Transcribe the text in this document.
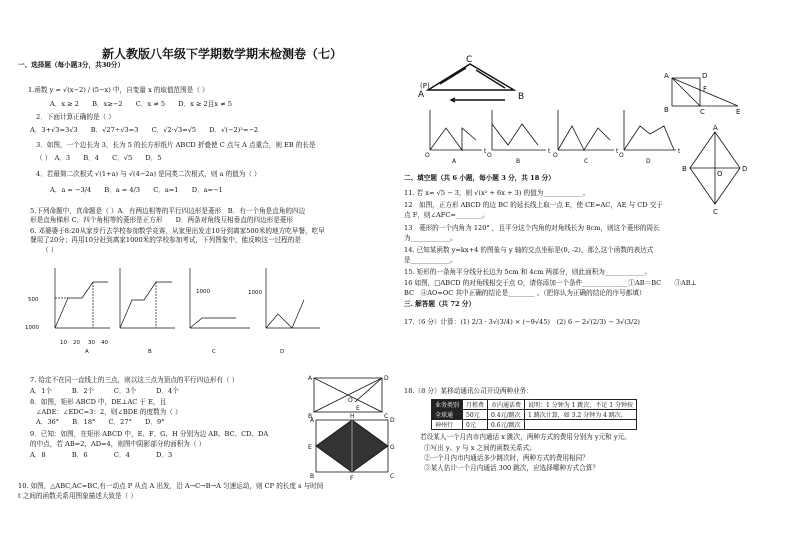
新人教版八年级下学期数学期末检测卷（七）
一、选择题（每小题3分，共30分）
1.函数 y = √(x−2) / (5−x) 中，自变量 x 的取值范围是（ ）
A．x ≥ 2　　B．x≥−2　　C．x ≠ 5　　D．x ≥ 2且x ≠ 5
2．下面计算正确的是（ ）
A．3+√3=3√3　　B．√27÷√3=3　　C．√2·√3=√5　　D．√(−2)²=−2
3．如图，一个边长为 3，长为 5 的长方形纸片 ABCD 折叠使 C 点与 A 点重合，则 EB 的长是
（ ）　A．3　　B．4　　C．√5　　D．5
4．若最简二次根式 √(1+a) 与 √(4−2a) 是同类二次根式，则 a 的值为（ ）
A．a = −3/4　　B．a = 4/3　　C．a=1　　D．a=−1
5.下列命题中，真命题是（ ）A．有两边相等的平行四边形是菱形　B．有一个角是直角的四边
形是直角梯形 C．四个角相等的菱形是正方形　　D．两条对角线互相垂直的四边形是菱形
6. 邓婆婆于8:20从家步行去学校参加数学竞赛，从家里出发走10分到离家500米的地方吃早餐，吃早
餐用了20分；再用10分赶到离家1000米的学校参加考试，下列图象中，能反映这一过程的是
（ ）
500
1000
10 20 30 40
A	B
1000
C
1000
D
7. 给定不在同一直线上的三点，则以这三点为顶点的平行四边形有（ ）
A．1个　　　B．2个　　　C．3个　　　D．4个
8．如图，矩形 ABCD 中，DE⊥AC 于 E，且
∠ADE：∠EDC=3：2，则∠BDE 的度数为（ ）
A．36°　　B．18°　　C．27°　　D．9°
9．已知：如图，在矩形 ABCD 中，E、F、G、H 分别为边 AB、BC、CD、DA
的中点，若 AB=2，AD=4，则图中阴影部分的面积为（ ）
A．8　　　　B．6　　　　C．4　　　　D．3
10. 如图，△ABC,AC=BC,有一动点 P 从点 A 出发，沿 A→C→B→A 匀速运动，则 CP 的长度 s 与时间
t 之间的函数关系用图象描述大致是（ ）
A	D
O
E
B	C
A
H
D
E	G
B	F	C
C
A
(P)
B
O
t
A
O
t
B
O
t
C
O
t
D
A	D
F
B	C	E
A
B	D
C
O
二、填空题（共 6 小题，每小题 3 分，共 18 分）
11. 若 x= √5 − 3，则 √(x² + 6x + 3) 的值为____________。
12　如图，正方形 ABCD 的边 BC 的延长线上取一点 E，使 CE=AC，AE 与 CD 交于
点 F，则∠AFC=________。
13　菱形的一个内角为 120° ，且平分这个内角的对角线长为 8cm，则这个菱形的周长
为____________。
14. 已知某函数 y=kx+4 的图象与 y 轴的交点坐标是(0, -2)，那么这个函数的表达式
是____________。
15. 矩形的一条角平分线分长边为 5cm 和 4cm 两部分，则此面积为____________。
16 如图，□ABCD 的对角线相交于点 O，请你添加一个条件______________①AB＝BC　　③AB⊥
BC　④AO=OC 其中正确的结论是________ 。（把你认为正确的结论的序号都填）
三. 解答题（共 72 分）
17.（6 分）计算：(1) 2/3 · 3√(3/4) × (−9√45)　(2) 6 − 2√(2/3) − 3√(3/2)
18.（8 分）某移动通讯公司开设两种业务：
业务类别	月租费	市内通话费	说明：1 分钟为 1 跳次，不足 1 分钟按
全球通	50元	0.4元/跳次	1 跳次计算，如 3.2 分钟为 4 跳次。
神州行	0元	0.6元/跳次	
若设某人一个月内市内通话 x 跳次，两种方式的费用分别为 y元和 y元。
①写出 y、y 与 x 之间的函数关系式；
②一个月内市内通话多少跳次时，两种方式的费用相同？
③某人估计一个月内通话 300 跳次，应选择哪种方式合算？
